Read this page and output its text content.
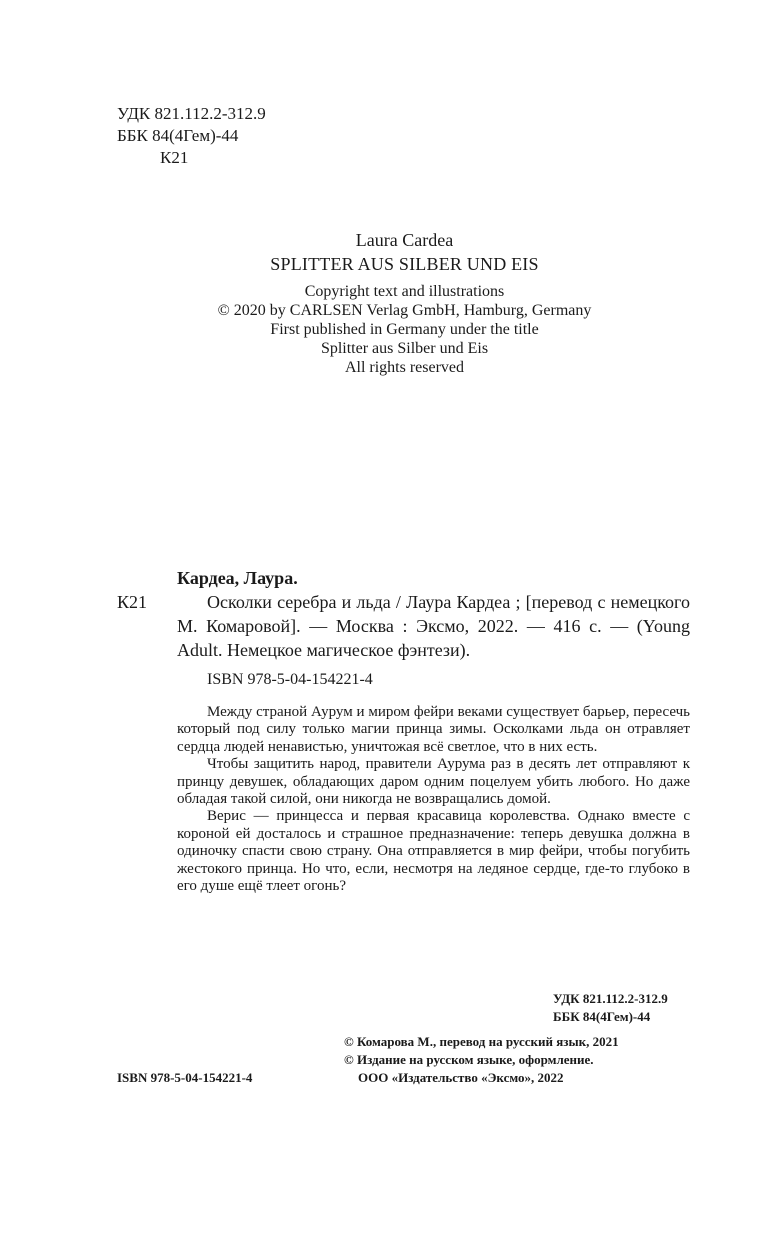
УДК 821.112.2-312.9
ББК 84(4Гем)-44
К21
Laura Cardea
SPLITTER AUS SILBER UND EIS
Copyright text and illustrations
© 2020 by CARLSEN Verlag GmbH, Hamburg, Germany
First published in Germany under the title
Splitter aus Silber und Eis
All rights reserved
Кардеа, Лаура.
К21	Осколки серебра и льда / Лаура Кардеа ; [перевод с немецкого М. Комаровой]. — Москва : Эксмо, 2022. — 416 с. — (Young Adult. Немецкое магическое фэнтези).

ISBN 978-5-04-154221-4

Между страной Аурум и миром фейри веками существует барьер, пересечь который под силу только магии принца зимы. Осколками льда он отравляет сердца людей ненавистью, уничтожая всё светлое, что в них есть.

Чтобы защитить народ, правители Аурума раз в десять лет отправляют к принцу девушек, обладающих даром одним поцелуем убить любого. Но даже обладая такой силой, они никогда не возвращались домой.

Верис — принцесса и первая красавица королевства. Однако вместе с короной ей досталось и страшное предназначение: теперь девушка должна в одиночку спасти свою страну. Она отправляется в мир фейри, чтобы погубить жестокого принца. Но что, если, несмотря на ледяное сердце, где-то глубоко в его душе ещё тлеет огонь?

УДК 821.112.2-312.9
ББК 84(4Гем)-44
© Комарова М., перевод на русский язык, 2021
© Издание на русском языке, оформление.
ООО «Издательство «Эксмо», 2022
ISBN 978-5-04-154221-4
